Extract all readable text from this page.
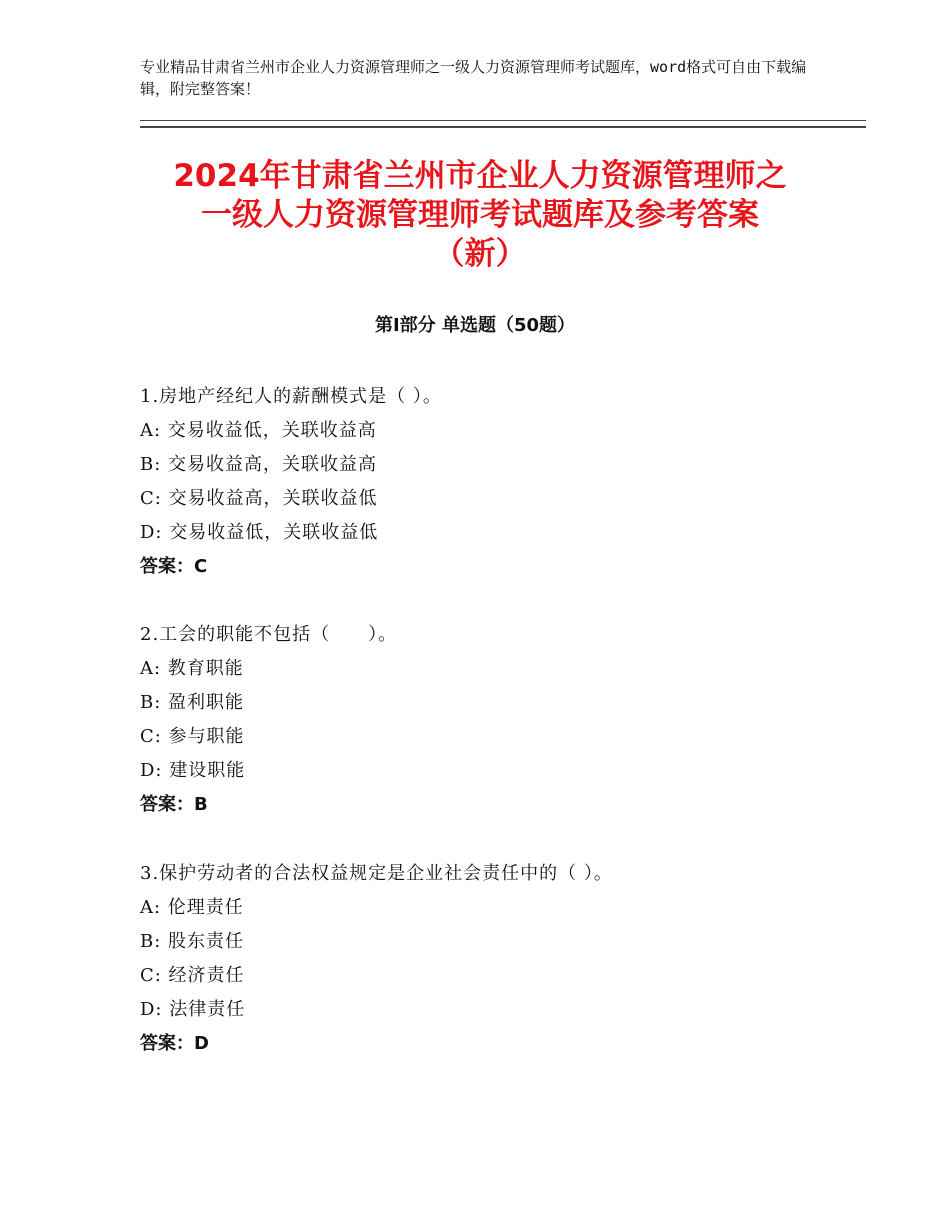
专业精品甘肃省兰州市企业人力资源管理师之一级人力资源管理师考试题库，word格式可自由下载编辑，附完整答案！
2024年甘肃省兰州市企业人力资源管理师之
一级人力资源管理师考试题库及参考答案
（新）
第Ⅰ部分 单选题（50题）
1.房地产经纪人的薪酬模式是（ ）。
A: 交易收益低，关联收益高
B: 交易收益高，关联收益高
C: 交易收益高，关联收益低
D: 交易收益低，关联收益低
答案：C
2.工会的职能不包括（　　）。
A: 教育职能
B: 盈利职能
C: 参与职能
D: 建设职能
答案：B
3.保护劳动者的合法权益规定是企业社会责任中的（ ）。
A: 伦理责任
B: 股东责任
C: 经济责任
D: 法律责任
答案：D
